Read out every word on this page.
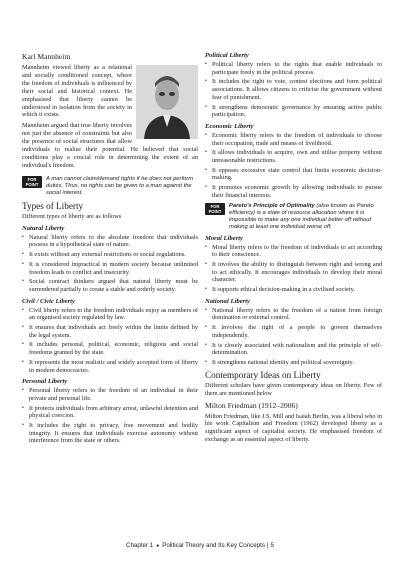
Karl Mannheim

Mannheim viewed liberty as a relational and socially conditioned concept, where the freedom of individuals is influenced by their social and historical context. He emphasised that liberty cannot be understood in isolation from the society in which it exists.

Mannheim argued that true liberty involves not just the absence of constraints but also the presence of social structures that allow individuals to realise their potential. He believed that social conditions play a crucial role in determining the extent of an individual's freedom.

FOR
POINT
A man cannot claim/demand rights if he does not perform duties. Thus, no rights can be given to a man against the social interest.
Types of Liberty

Different types of liberty are as follows

Natural Liberty
▪ Natural liberty refers to the absolute freedom that individuals possess in a hypothetical state of nature.
▪ It exists without any external restrictions or social regulations.
▪ It is considered impractical in modern society because unlimited freedom leads to conflict and insecurity.
▪ Social contract thinkers argued that natural liberty must be surrendered partially to create a stable and orderly society.
Civil / Civic Liberty
▪ Civil liberty refers to the freedom individuals enjoy as members of an organised society regulated by law.
▪ It ensures that individuals act freely within the limits defined by the legal system.
▪ It includes personal, political, economic, religious and social freedoms granted by the state.
▪ It represents the most realistic and widely accepted form of liberty in modern democracies.
Personal Liberty
▪ Personal liberty refers to the freedom of an individual in their private and personal life.
▪ It protects individuals from arbitrary arrest, unlawful detention and physical coercion.
▪ It includes the right to privacy, free movement and bodily integrity. It ensures that individuals exercise autonomy without interference from the state or others.
Political Liberty
▪ Political liberty refers to the rights that enable individuals to participate freely in the political process.
▪ It includes the right to vote, contest elections and form political associations. It allows citizens to criticise the government without fear of punishment.
▪ It strengthens democratic governance by ensuring active public participation.
Economic Liberty
▪ Economic liberty refers to the freedom of individuals to choose their occupation, trade and means of livelihood.
▪ It allows individuals to acquire, own and utilise property without unreasonable restrictions.
▪ It opposes excessive state control that limits economic decision-making.
▪ It promotes economic growth by allowing individuals to pursue their financial interests.
FOR
POINT
Pareto's Principle of Optimality (also known as Pareto efficiency) is a state of resource allocation where it is impossible to make any one individual better off without making at least one individual worse off.
Moral Liberty
▪ Moral liberty refers to the freedom of individuals to act according to their conscience.
▪ It involves the ability to distinguish between right and wrong and to act ethically. It encourages individuals to develop their moral character.
▪ It supports ethical decision-making in a civilised society.
National Liberty
▪ National liberty refers to the freedom of a nation from foreign domination or external control.
▪ It involves the right of a people to govern themselves independently.
▪ It is closely associated with nationalism and the principle of self-determination.
▪ It strengthens national identity and political sovereignty.
Contemporary Ideas on Liberty

Different scholars have given contemporary ideas on liberty. Few of them are mentioned below

Milton Friedman (1912–2006)

Milton Friedman, like J.S. Mill and Isaiah Berlin, was a liberal who in his work Capitalism and Freedom (1962) developed liberty as a significant aspect of capitalist society. He emphasised freedom of exchange as an essential aspect of liberty.

Chapter 1 ● Political Theory and Its Key Concepts | 5
